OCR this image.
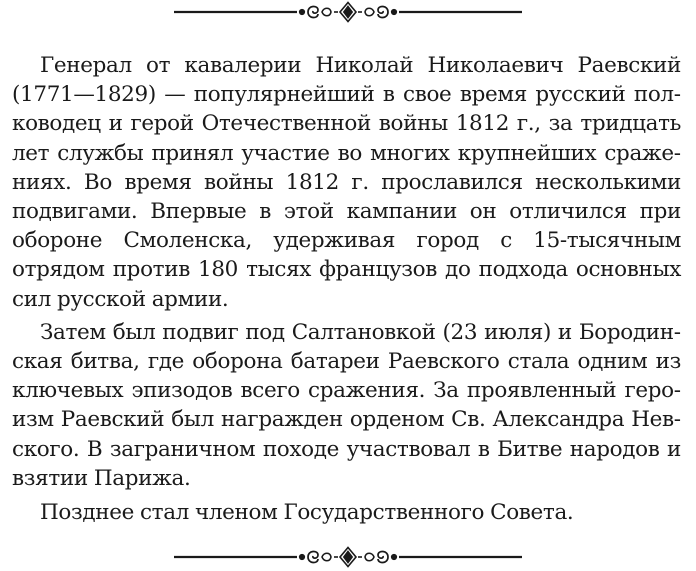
Генерал от кавалерии Николай Николаевич Раевский (1771—1829) — популярнейший в свое время русский полководец и герой Отечественной войны 1812 г., за тридцать лет службы принял участие во многих крупнейших сражениях. Во время войны 1812 г. прославился несколькими подвигами. Впервые в этой кампании он отличился при обороне Смоленска, удерживая город с 15-тысячным отрядом против 180 тысях французов до подхода основных сил русской армии.

Затем был подвиг под Салтановкой (23 июля) и Бородинская битва, где оборона батареи Раевского стала одним из ключевых эпизодов всего сражения. За проявленный героизм Раевский был награжден орденом Св. Александра Невского. В заграничном походе участвовал в Битве народов и взятии Парижа.

Позднее стал членом Государственного Совета.
